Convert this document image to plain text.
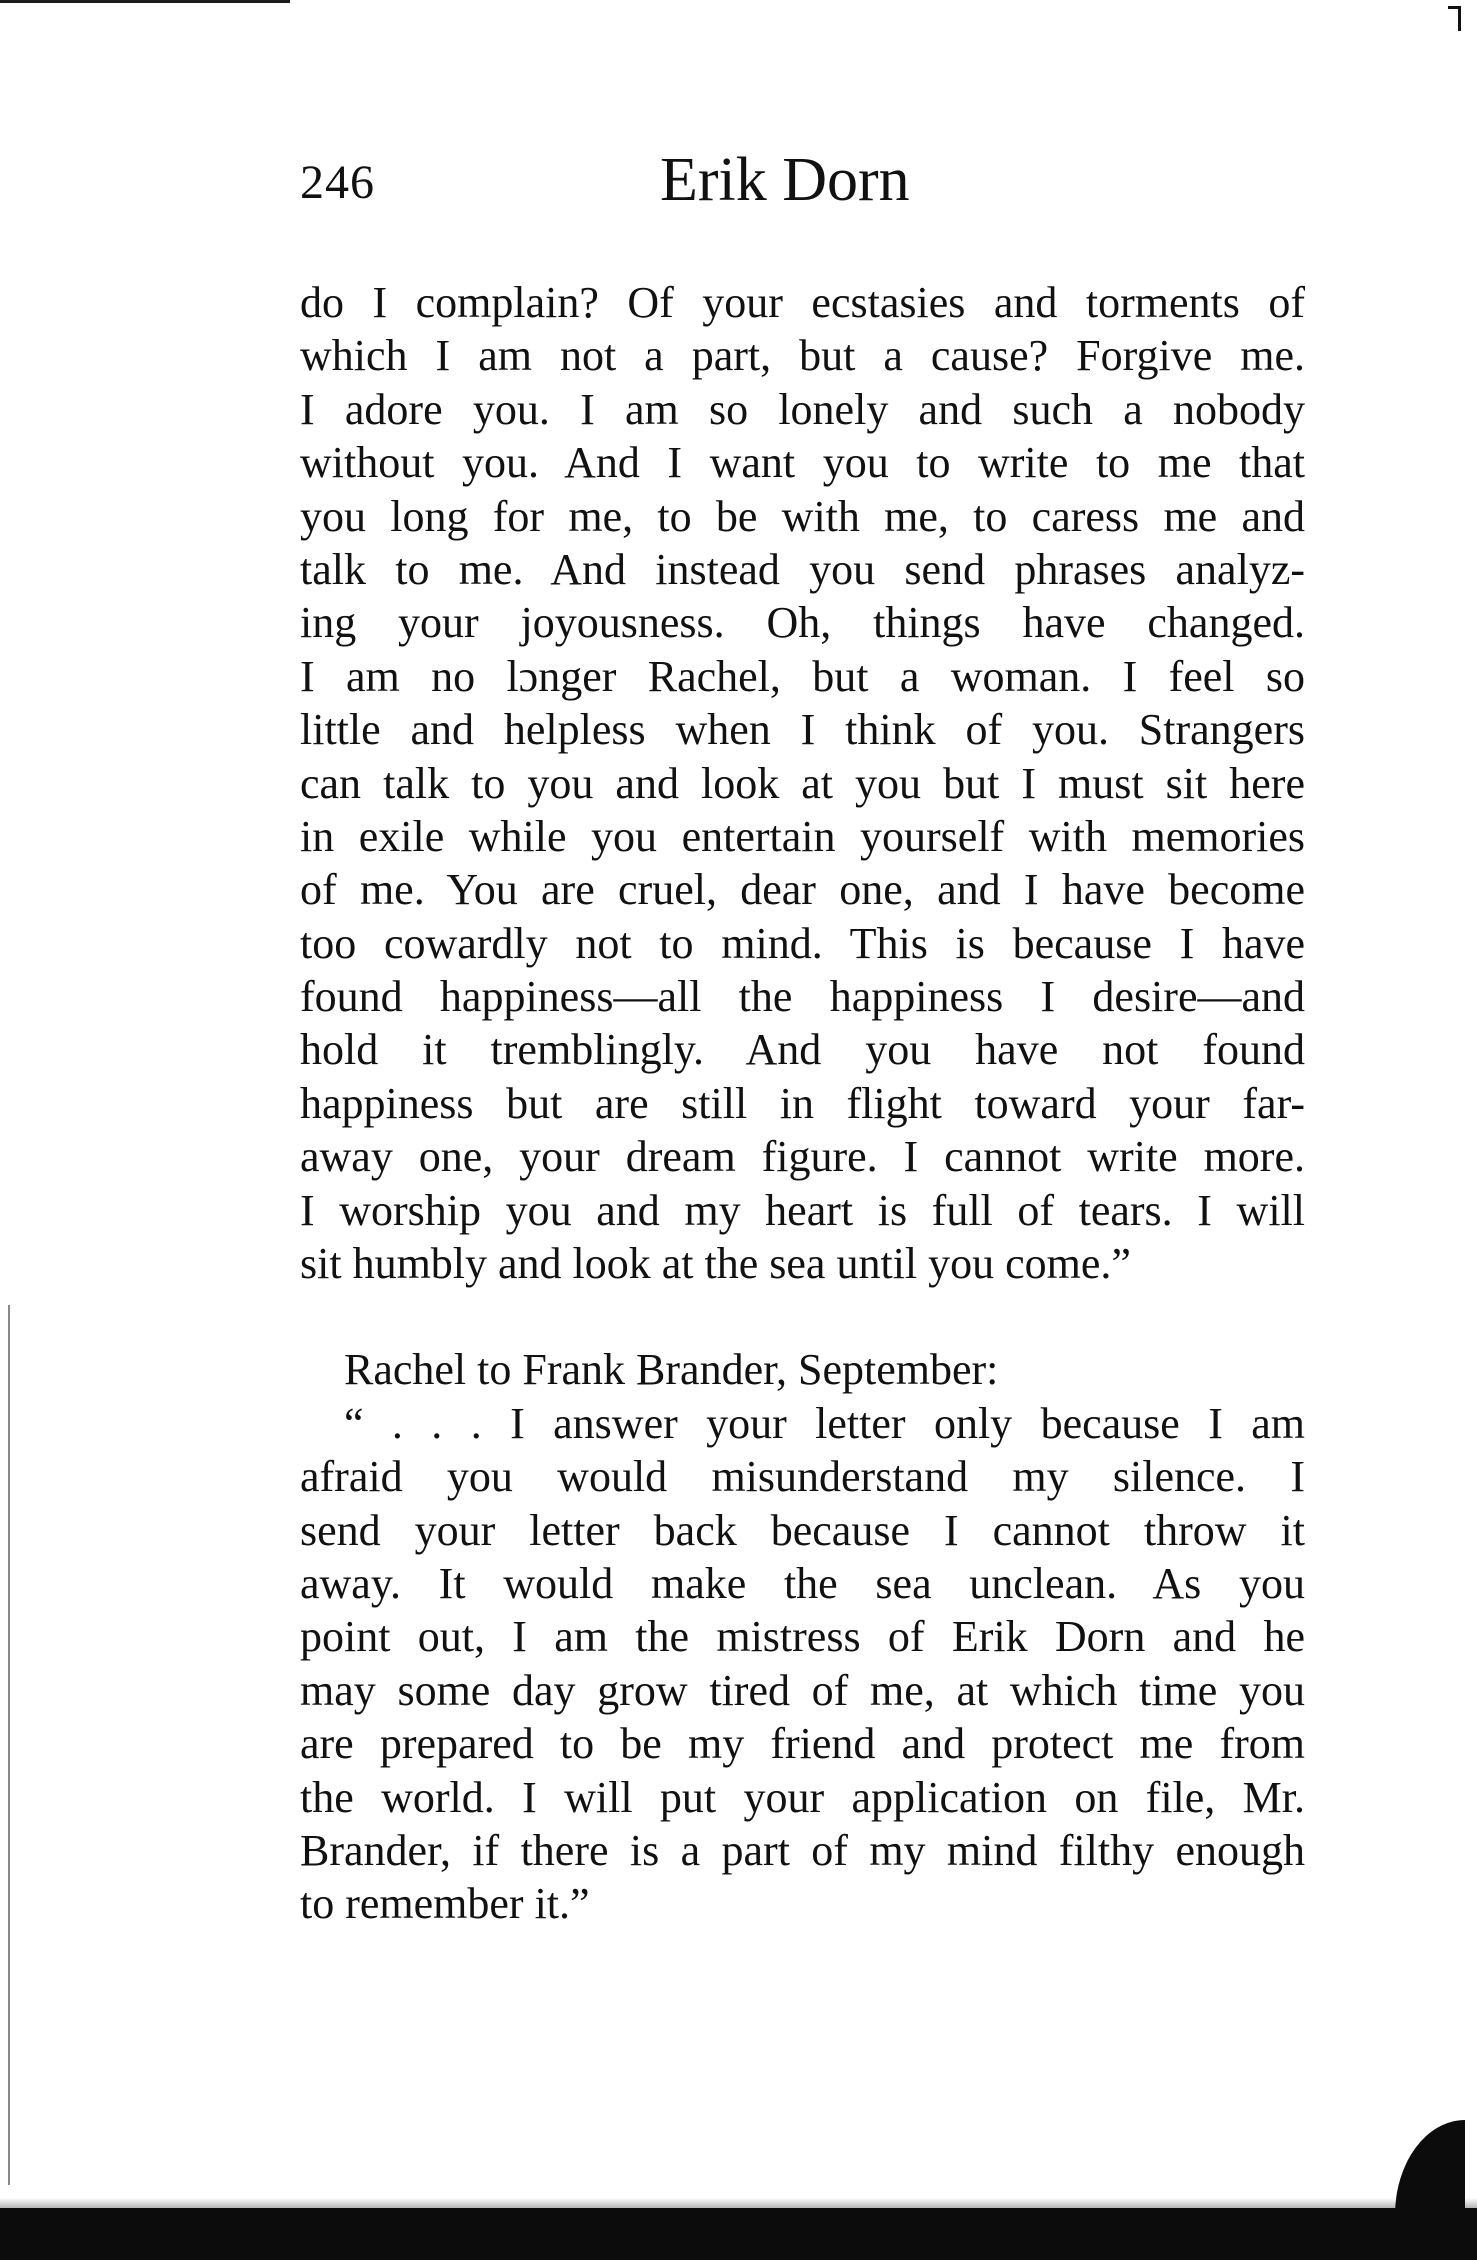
246	Erik Dorn
do I complain? Of your ecstasies and torments of
which I am not a part, but a cause? Forgive me.
I adore you. I am so lonely and such a nobody
without you. And I want you to write to me that
you long for me, to be with me, to caress me and
talk to me. And instead you send phrases analyz-
ing your joyousness. Oh, things have changed.
I am no lɔnger Rachel, but a woman. I feel so
little and helpless when I think of you. Strangers
can talk to you and look at you but I must sit here
in exile while you entertain yourself with memories
of me. You are cruel, dear one, and I have become
too cowardly not to mind. This is because I have
found happiness—all the happiness I desire—and
hold it tremblingly. And you have not found
happiness but are still in flight toward your far-
away one, your dream figure. I cannot write more.
I worship you and my heart is full of tears. I will
sit humbly and look at the sea until you come.”
Rachel to Frank Brander, September:
“ . . . I answer your letter only because I am
afraid you would misunderstand my silence. I
send your letter back because I cannot throw it
away. It would make the sea unclean. As you
point out, I am the mistress of Erik Dorn and he
may some day grow tired of me, at which time you
are prepared to be my friend and protect me from
the world. I will put your application on file, Mr.
Brander, if there is a part of my mind filthy enough
to remember it.”
